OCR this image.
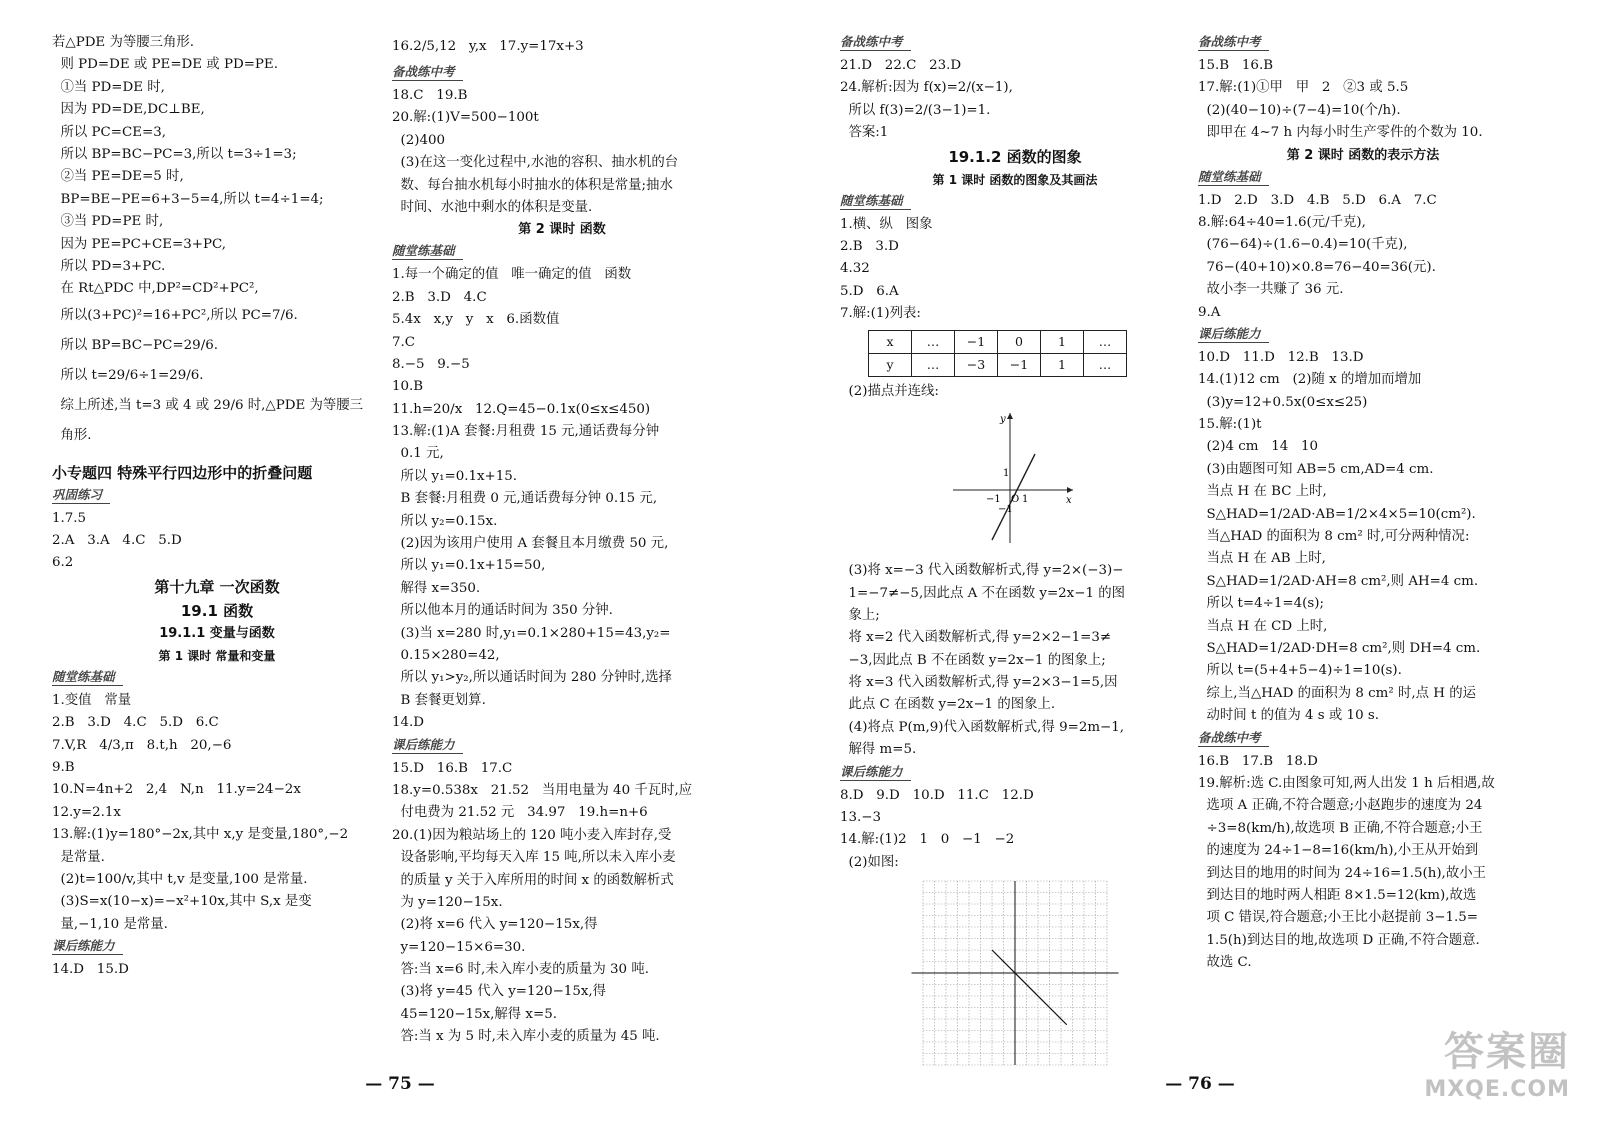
若△PDE 为等腰三角形.
则 PD=DE 或 PE=DE 或 PD=PE.
①当 PD=DE 时,
因为 PD=DE,DC⊥BE,
所以 PC=CE=3,
所以 BP=BC−PC=3,所以 t=3÷1=3;
②当 PE=DE=5 时,
BP=BE−PE=6+3−5=4,所以 t=4÷1=4;
③当 PD=PE 时,
因为 PE=PC+CE=3+PC,
所以 PD=3+PC.
在 Rt△PDC 中,DP²=CD²+PC²,
所以(3+PC)²=16+PC²,所以 PC=7/6.
所以 BP=BC−PC=29/6.
所以 t=29/6÷1=29/6.
综上所述,当 t=3 或 4 或 29/6 时,△PDE 为等腰三
角形.
小专题四 特殊平行四边形中的折叠问题
巩固练习
1.7.5
2.A   3.A   4.C   5.D
6.2
第十九章 一次函数
19.1 函数
19.1.1 变量与函数
第 1 课时 常量和变量
随堂练基础
1.变值   常量
2.B   3.D   4.C   5.D   6.C
7.V,R   4/3,π   8.t,h   20,−6
9.B
10.N=4n+2   2,4   N,n   11.y=24−2x
12.y=2.1x
13.解:(1)y=180°−2x,其中 x,y 是变量,180°,−2
是常量.
(2)t=100/v,其中 t,v 是变量,100 是常量.
(3)S=x(10−x)=−x²+10x,其中 S,x 是变
量,−1,10 是常量.
课后练能力
14.D   15.D
16.2/5,12   y,x   17.y=17x+3
备战练中考
18.C   19.B
20.解:(1)V=500−100t
(2)400
(3)在这一变化过程中,水池的容积、抽水机的台
数、每台抽水机每小时抽水的体积是常量;抽水
时间、水池中剩水的体积是变量.
第 2 课时 函数
随堂练基础
1.每一个确定的值   唯一确定的值   函数
2.B   3.D   4.C
5.4x   x,y   y   x   6.函数值
7.C
8.−5   9.−5
10.B
11.h=20/x   12.Q=45−0.1x(0≤x≤450)
13.解:(1)A 套餐:月租费 15 元,通话费每分钟
0.1 元,
所以 y₁=0.1x+15.
B 套餐:月租费 0 元,通话费每分钟 0.15 元,
所以 y₂=0.15x.
(2)因为该用户使用 A 套餐且本月缴费 50 元,
所以 y₁=0.1x+15=50,
解得 x=350.
所以他本月的通话时间为 350 分钟.
(3)当 x=280 时,y₁=0.1×280+15=43,y₂=
0.15×280=42,
所以 y₁>y₂,所以通话时间为 280 分钟时,选择
B 套餐更划算.
14.D
课后练能力
15.D   16.B   17.C
18.y=0.538x   21.52   当用电量为 40 千瓦时,应
付电费为 21.52 元   34.97   19.h=n+6
20.(1)因为粮站场上的 120 吨小麦入库封存,受
设备影响,平均每天入库 15 吨,所以未入库小麦
的质量 y 关于入库所用的时间 x 的函数解析式
为 y=120−15x.
(2)将 x=6 代入 y=120−15x,得
y=120−15×6=30.
答:当 x=6 时,未入库小麦的质量为 30 吨.
(3)将 y=45 代入 y=120−15x,得
45=120−15x,解得 x=5.
答:当 x 为 5 时,未入库小麦的质量为 45 吨.
— 75 —
备战练中考
21.D   22.C   23.D
24.解析:因为 f(x)=2/(x−1),
所以 f(3)=2/(3−1)=1.
答案:1
19.1.2 函数的图象
第 1 课时 函数的图象及其画法
随堂练基础
1.横、纵   图象
2.B   3.D
4.32
5.D   6.A
7.解:(1)列表:
x	…	−1	0	1	…
y	…	−3	−1	1	…
(2)描点并连线:
y
x
O
−1 1
1
−1
(3)将 x=−3 代入函数解析式,得 y=2×(−3)−
1=−7≠−5,因此点 A 不在函数 y=2x−1 的图
象上;
将 x=2 代入函数解析式,得 y=2×2−1=3≠
−3,因此点 B 不在函数 y=2x−1 的图象上;
将 x=3 代入函数解析式,得 y=2×3−1=5,因
此点 C 在函数 y=2x−1 的图象上.
(4)将点 P(m,9)代入函数解析式,得 9=2m−1,
解得 m=5.
课后练能力
8.D   9.D   10.D   11.C   12.D
13.−3
14.解:(1)2   1   0   −1   −2
(2)如图:
备战练中考
15.B   16.B
17.解:(1)①甲   甲   2   ②3 或 5.5
(2)(40−10)÷(7−4)=10(个/h).
即甲在 4~7 h 内每小时生产零件的个数为 10.
第 2 课时 函数的表示方法
随堂练基础
1.D   2.D   3.D   4.B   5.D   6.A   7.C
8.解:64÷40=1.6(元/千克),
(76−64)÷(1.6−0.4)=10(千克),
76−(40+10)×0.8=76−40=36(元).
故小李一共赚了 36 元.
9.A
课后练能力
10.D   11.D   12.B   13.D
14.(1)12 cm   (2)随 x 的增加而增加
(3)y=12+0.5x(0≤x≤25)
15.解:(1)t
(2)4 cm   14   10
(3)由题图可知 AB=5 cm,AD=4 cm.
当点 H 在 BC 上时,
S△HAD=1/2AD·AB=1/2×4×5=10(cm²).
当△HAD 的面积为 8 cm² 时,可分两种情况:
当点 H 在 AB 上时,
S△HAD=1/2AD·AH=8 cm²,则 AH=4 cm.
所以 t=4÷1=4(s);
当点 H 在 CD 上时,
S△HAD=1/2AD·DH=8 cm²,则 DH=4 cm.
所以 t=(5+4+5−4)÷1=10(s).
综上,当△HAD 的面积为 8 cm² 时,点 H 的运
动时间 t 的值为 4 s 或 10 s.
备战练中考
16.B   17.B   18.D
19.解析:选 C.由图象可知,两人出发 1 h 后相遇,故
选项 A 正确,不符合题意;小赵跑步的速度为 24
÷3=8(km/h),故选项 B 正确,不符合题意;小王
的速度为 24÷1−8=16(km/h),小王从开始到
到达目的地用的时间为 24÷16=1.5(h),故小王
到达目的地时两人相距 8×1.5=12(km),故选
项 C 错误,符合题意;小王比小赵提前 3−1.5=
1.5(h)到达目的地,故选项 D 正确,不符合题意.
故选 C.
— 76 —
答案圈
MXQE.COM
